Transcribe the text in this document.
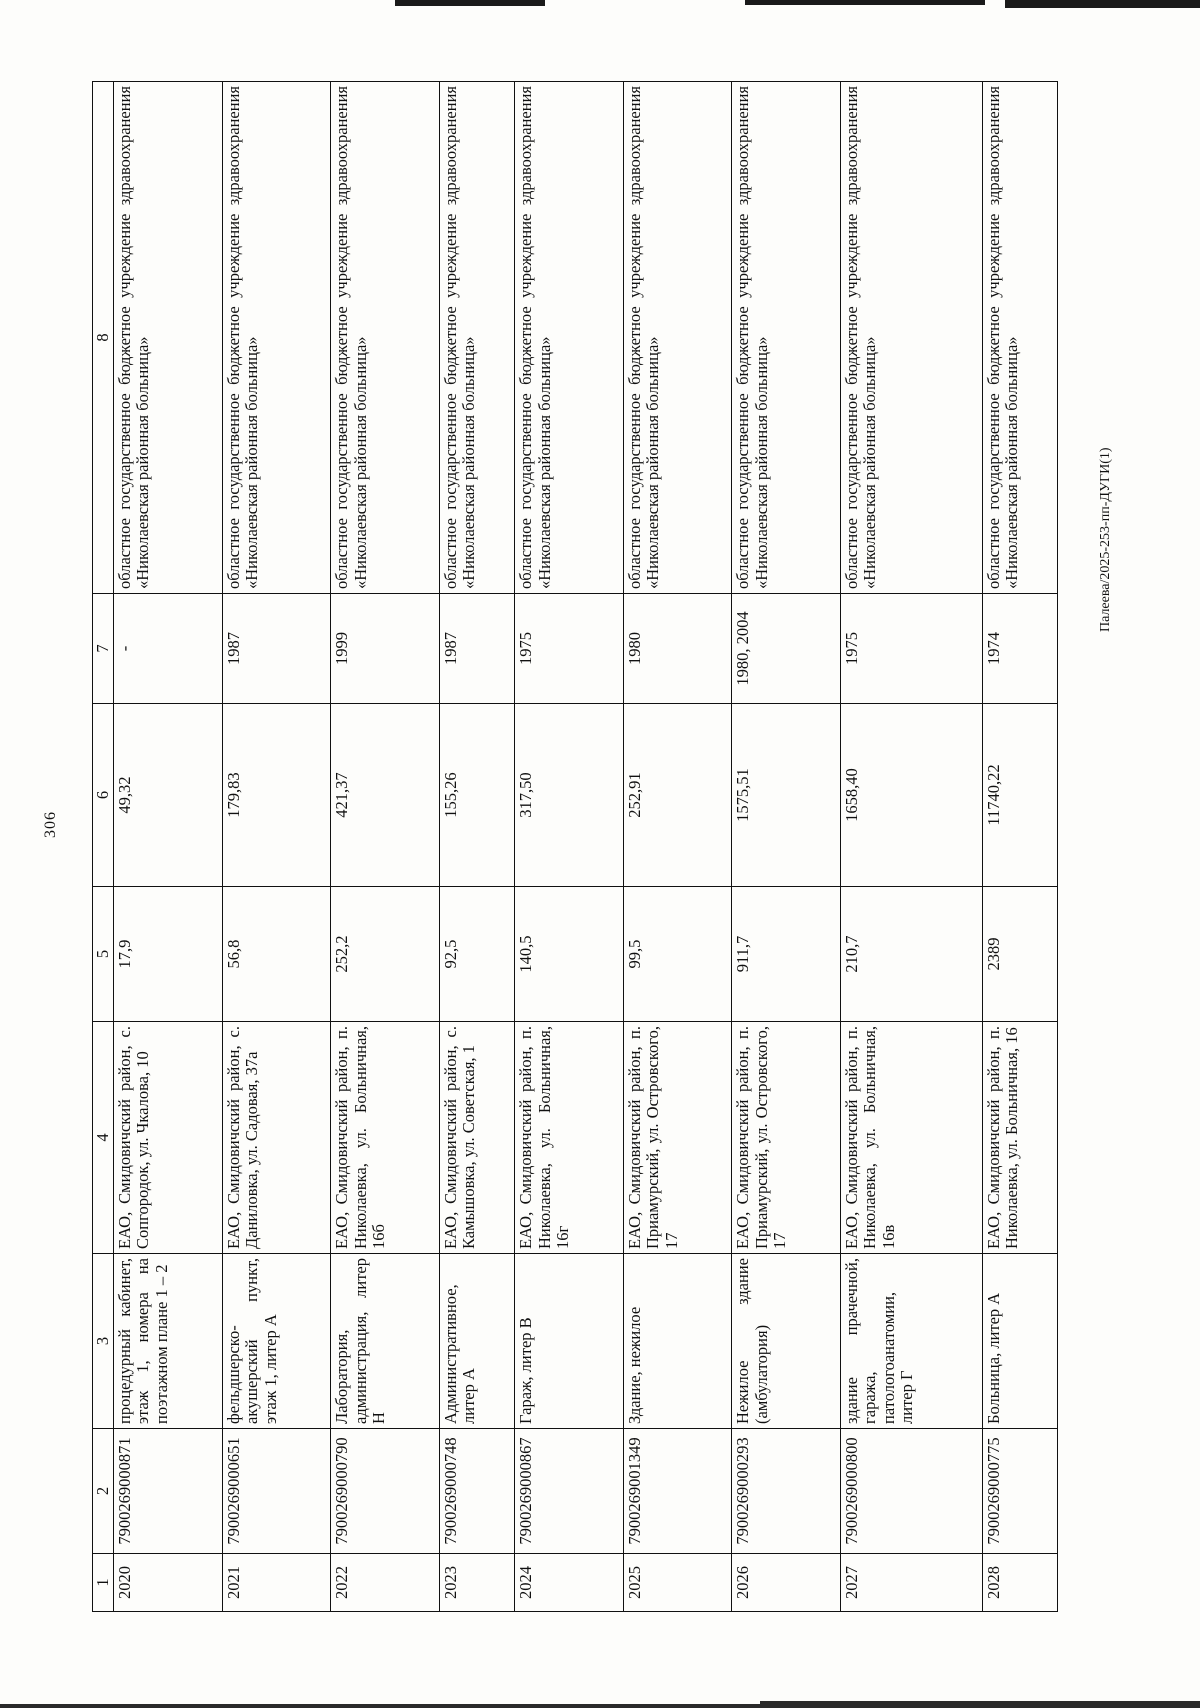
306
Палеева/2025-253-пп-ДУГИ(1)
1	2	3	4	5	6	7	8
2020	790026900087​1	процедурный кабинет, этаж 1, номера на поэтажном плане 1 – 2	ЕАО, Смидовичский район, с. Сопгородок, ул. Чкалова, 10	17,9	49,32	-	областное государственное бюджетное учреждение здравоохранения «Николаевская районная больница»
2021	7900269000651	фельдшерско-акушерский пункт, этаж 1, литер А	ЕАО, Смидовичский район, с. Даниловка, ул. Садовая, 37а	56,8	179,83	1987	областное государственное бюджетное учреждение здравоохранения «Николаевская районная больница»
2022	7900269000790	Лаборатория, администрация, литер Н	ЕАО, Смидовичский район, п. Николаевка, ул. Больничная, 16б	252,2	421,37	1999	областное государственное бюджетное учреждение здравоохранения «Николаевская районная больница»
2023	7900269000748	Административное, литер А	ЕАО, Смидовичский район, с. Камышовка, ул. Советская, 1	92,5	155,26	1987	областное государственное бюджетное учреждение здравоохранения «Николаевская районная больница»
2024	7900269000867	Гараж, литер В	ЕАО, Смидовичский район, п. Николаевка, ул. Больничная, 16г	140,5	317,50	1975	областное государственное бюджетное учреждение здравоохранения «Николаевская районная больница»
2025	7900269001349	Здание, нежилое	ЕАО, Смидовичский район, п. Приамурский, ул. Островского, 17	99,5	252,91	1980	областное государственное бюджетное учреждение здравоохранения «Николаевская районная больница»
2026	7900269000293	Нежилое здание (амбулатория)	ЕАО, Смидовичский район, п. Приамурский, ул. Островского, 17	911,7	1575,51	1980, 2004	областное государственное бюджетное учреждение здравоохранения «Николаевская районная больница»
2027	7900269000800	здание прачечной, гаража, патологоанатомии, литер Г	ЕАО, Смидовичский район, п. Николаевка, ул. Больничная, 16в	210,7	1658,40	1975	областное государственное бюджетное учреждение здравоохранения «Николаевская районная больница»
2028	7900269000775	Больница, литер А	ЕАО, Смидовичский район, п. Николаевка, ул. Больничная, 16	2389	11740,22	1974	областное государственное бюджетное учреждение здравоохранения «Николаевская районная больница»
